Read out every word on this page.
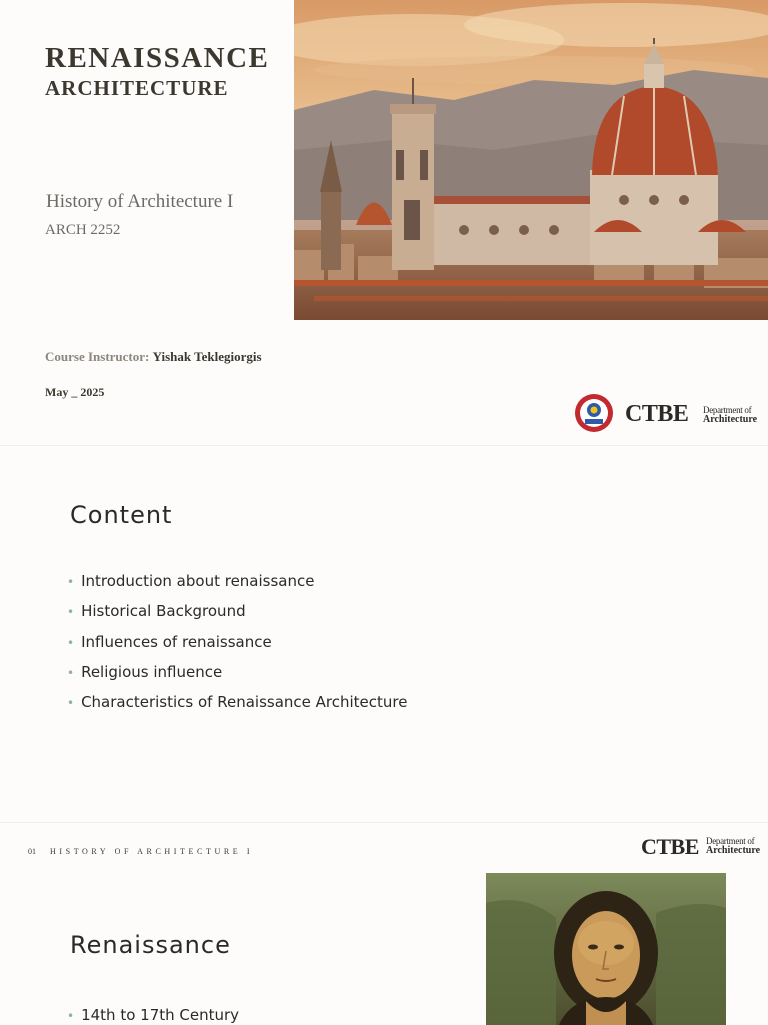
RENAISSANCE
ARCHITECTURE
History of Architecture I
ARCH 2252
Course Instructor: Yishak Teklegiorgis
May _ 2025
CTBE Department of
Architecture
Content
• Introduction about renaissance
• Historical Background
• Influences of renaissance
• Religious influence
• Characteristics of Renaissance Architecture
01 HISTORY OF ARCHITECTURE I	CTBE Department of
Architecture
Renaissance
• 14th to 17th Century
